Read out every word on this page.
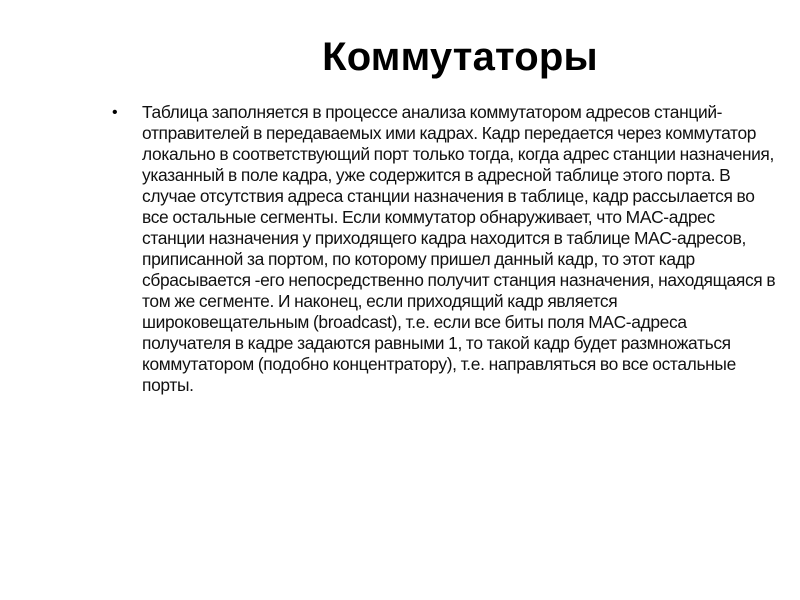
Коммутаторы
• Таблица заполняется в процессе анализа коммутатором адресов станций-отправителей в передаваемых ими кадрах. Кадр передается через коммутатор локально в соответствующий порт только тогда, когда адрес станции назначения, указанный в поле кадра, уже содержится в адресной таблице этого порта. В случае отсутствия адреса станции назначения в таблице, кадр рассылается во все остальные сегменты. Если коммутатор обнаруживает, что MAC-адрес станции назначения у приходящего кадра находится в таблице MAC-адресов, приписанной за портом, по которому пришел данный кадр, то этот кадр сбрасывается -его непосредственно получит станция назначения, находящаяся в том же сегменте. И наконец, если приходящий кадр является широковещательным (broadcast), т.е. если все биты поля MAC-адреса получателя в кадре задаются равными 1, то такой кадр будет размножаться коммутатором (подобно концентратору), т.е. направляться во все остальные порты.
